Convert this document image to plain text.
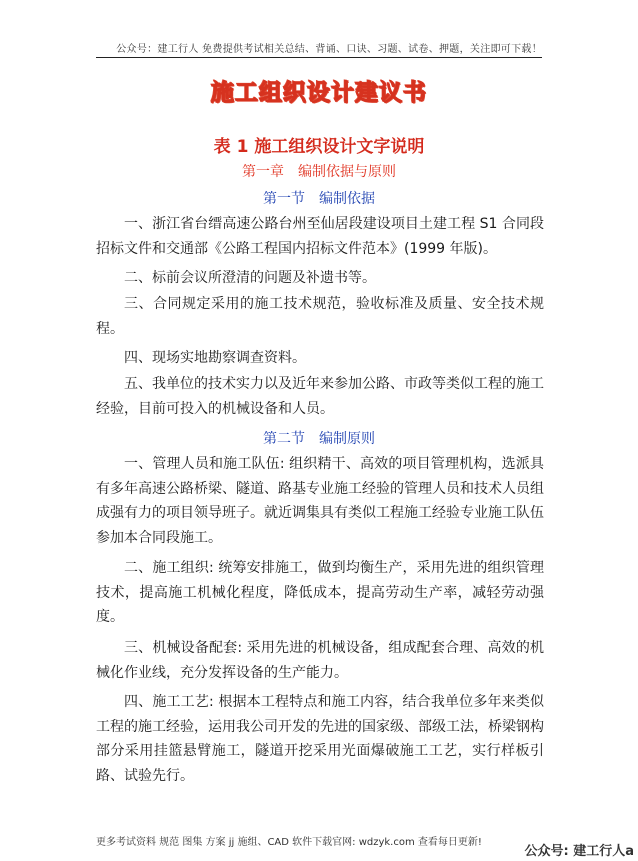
公众号：建工行人 免费提供考试相关总结、背诵、口诀、习题、试卷、押题，关注即可下载！
施工组织设计建议书
表 1 施工组织设计文字说明
第一章　编制依据与原则
第一节　编制依据

一、浙江省台缙高速公路台州至仙居段建设项目土建工程 S1 合同段招标文件和交通部《公路工程国内招标文件范本》(1999 年版)。

二、标前会议所澄清的问题及补遗书等。

三、合同规定采用的施工技术规范，验收标准及质量、安全技术规程。

四、现场实地勘察调查资料。

五、我单位的技术实力以及近年来参加公路、市政等类似工程的施工经验，目前可投入的机械设备和人员。

第二节　编制原则

一、管理人员和施工队伍: 组织精干、高效的项目管理机构，选派具有多年高速公路桥梁、隧道、路基专业施工经验的管理人员和技术人员组成强有力的项目领导班子。就近调集具有类似工程施工经验专业施工队伍参加本合同段施工。

二、施工组织: 统筹安排施工，做到均衡生产，采用先进的组织管理技术，提高施工机械化程度，降低成本，提高劳动生产率，减轻劳动强度。

三、机械设备配套: 采用先进的机械设备，组成配套合理、高效的机械化作业线，充分发挥设备的生产能力。

四、施工工艺: 根据本工程特点和施工内容，结合我单位多年来类似工程的施工经验，运用我公司开发的先进的国家级、部级工法，桥梁钢构部分采用挂篮悬臂施工，隧道开挖采用光面爆破施工工艺，实行样板引路、试验先行。

更多考试资料 规范 图集 方案 jj 施组、CAD 软件下载官网: wdzyk.com 查看每日更新!
公众号: 建工行人a
